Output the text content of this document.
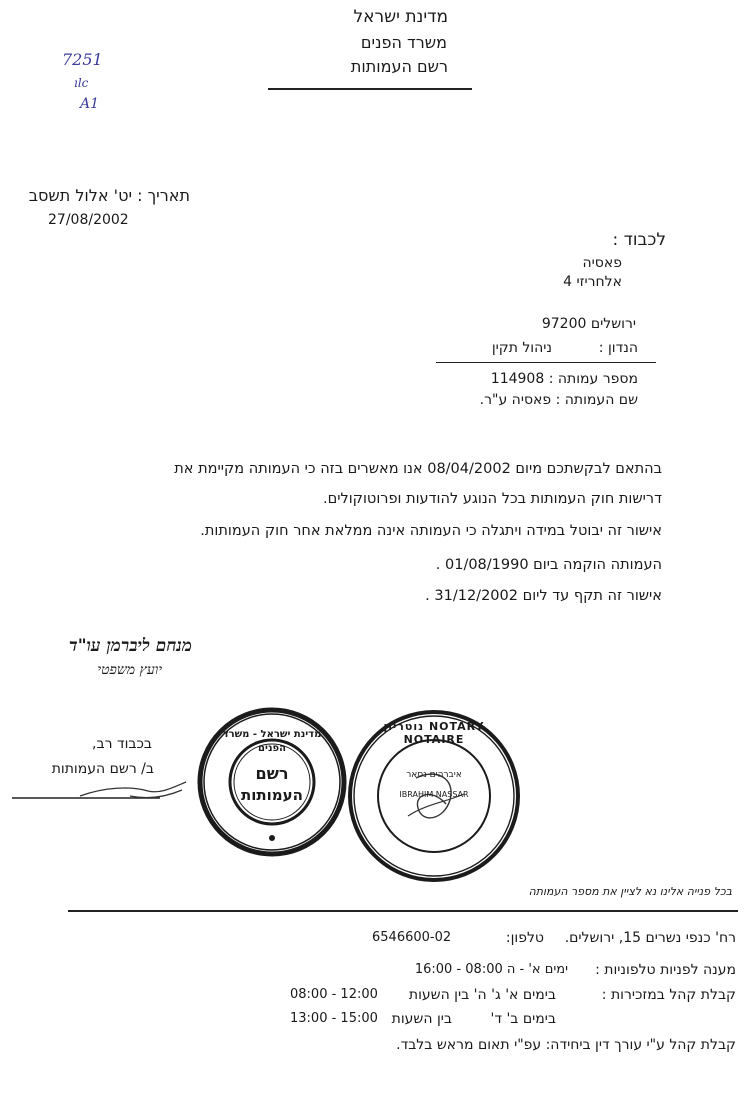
מדינת ישראל
משרד הפנים
רשם העמותות
7251
ılc
A1
תאריך : יט' אלול תשסב
27/08/2002
לכבוד :
פאסיה
אלחריזי 4
ירושלים 97200
הנדון :
ניהול תקין
מספר עמותה : 114908
שם העמותה : פאסיה ע"ר.
בהתאם לבקשתכם מיום 08/04/2002 אנו מאשרים בזה כי העמותה מקיימת את
דרישות חוק העמותות בכל הנוגע להודעות ופרוטוקולים.
אישור זה יבוטל במידה ויתגלה כי העמותה אינה ממלאת אחר חוק העמותות.
העמותה הוקמה ביום 01/08/1990 .
אישור זה תקף עד ליום 31/12/2002 .
מנחם ליברמן עו"ד
יועץ משפטי
בכבוד רב,
ב/ רשם העמותות
מדינת ישראל - משרד הפנים
רשם
העמותות
נוטריון NOTARY NOTAIRE
איברהים נסאר
IBRAHIM NASSAR
בכל פנייה אלינו נא לציין את מספר העמותה
רח' כנפי נשרים 15, ירושלים.
טלפון:
6546600-02
מענה לפניות טלפוניות :
ימים א' - ה 08:00 - 16:00
קבלת קהל במזכירות :
בימים א' ג' ה' בין השעות
08:00 - 12:00
בימים ב' ד'
בין השעות
13:00 - 15:00
קבלת קהל ע"י עורך דין ביחידה: עפ"י תאום מראש בלבד.
